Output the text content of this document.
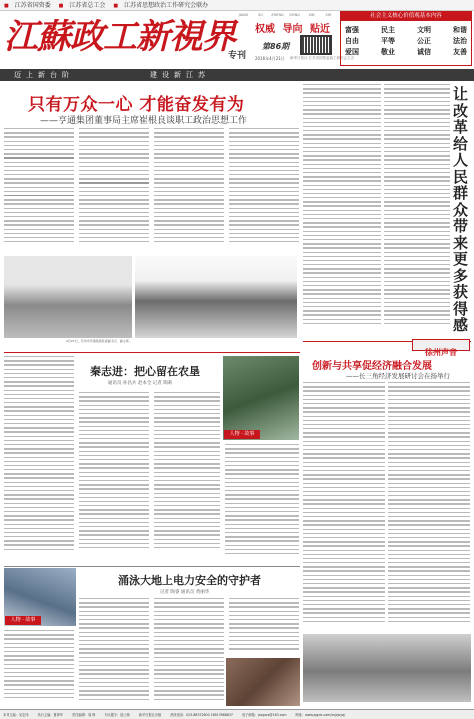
■ 江苏省国资委 ■ 江苏省总工会 ■ 江苏省思想政治工作研究会联办
江蘇政工新視界
JIANG	SU ZHENG GONG XIN	SHI
权威 导向 贴近
专刊
第86期
2016年4月21日 新华日报社·江苏省国资委政工研究会主办
社会主义核心价值观基本内容
富强	民主	文明	和谐
自由	平等	公正	法治
爱国	敬业	诚信	友善
迈上新台阶	建设新江苏
只有万众一心 才能奋发有为
——亨通集团董事局主席崔根良谈职工政治思想工作
4月21日，苏州市亨通集团党委副书记、副主席。
让改革给人民群众带来更多获得感
徐州声音
创新与共享促经济融合发展
——长三角经济发展研讨会在扬举行
秦志进：把心留在农垦
通讯员 孙昌兵 赵本全 记者 陶莉
人物 · 故事
涌泳大地上电力安全的守护者
记者 陶睿 通讯员 黄丽华
人物 · 故事
本刊主编：吴宏伟	执行主编：夏翠华	责任编辑：周 锋	刊头题字：陆士林	新华日报社出版	热线电话：025-88372600 18913968637	电子邮箱：jsxgzcs@163.com	网址：www.jsgzls.com/xsjxjsyq/
